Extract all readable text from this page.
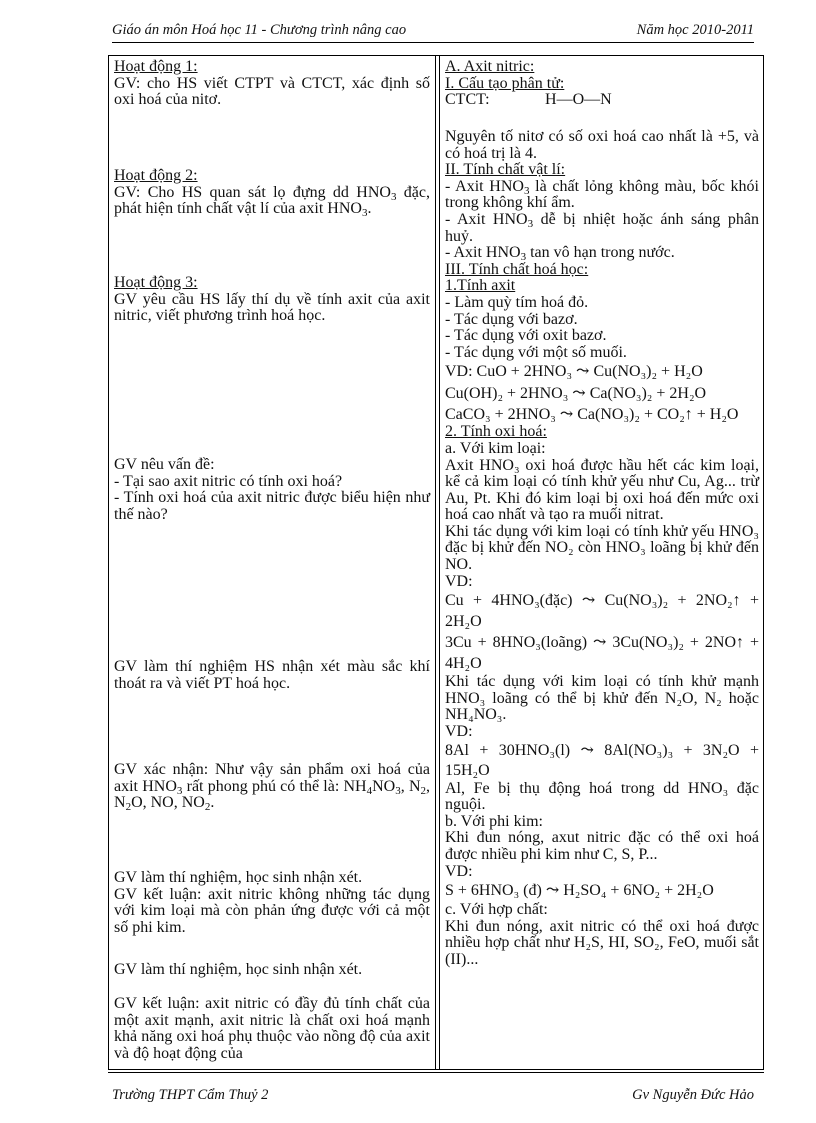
Giáo án môn Hoá học 11 - Chương trình nâng cao	Năm học 2010-2011
Hoạt động 1:
GV: cho HS viết CTPT và CTCT, xác định số oxi hoá của nitơ.
Hoạt động 2:
GV: Cho HS quan sát lọ đựng dd $HNO_3$ đặc, phát hiện tính chất vật lí của axit $HNO_3$.
Hoạt động 3:
GV yêu cầu HS lấy thí dụ về tính axit của axit nitric, viết phương trình hoá học.
GV nêu vấn đề:
- Tại sao axit nitric có tính oxi hoá?
- Tính oxi hoá của axit nitric được biểu hiện như thế nào?
GV làm thí nghiệm HS nhận xét màu sắc khí thoát ra và viết PT hoá học.
GV xác nhận: Như vậy sản phẩm oxi hoá của axit $HNO_3$ rất phong phú có thể là: $NH_4NO_3$, $N_2$, $N_2O$, NO, $NO_2$.
GV làm thí nghiệm, học sinh nhận xét.
GV kết luận: axit nitric không những tác dụng với kim loại mà còn phản ứng được với cả một số phi kim.
GV làm thí nghiệm, học sinh nhận xét.
GV kết luận: axit nitric có đầy đủ tính chất của một axit mạnh, axit nitric là chất oxi hoá mạnh khả năng oxi hoá phụ thuộc vào nồng độ của axit và độ hoạt động của
A. Axit nitric:
I. Cấu tạo phân tử:
CTCT:	H—O—N
Nguyên tố nitơ có số oxi hoá cao nhất là +5, và có hoá trị là 4.
II. Tính chất vật lí:
- Axit $HNO_3$ là chất lỏng không màu, bốc khói trong không khí ẩm.
- Axit $HNO_3$ dễ bị nhiệt hoặc ánh sáng phân huỷ.
- Axit $HNO_3$ tan vô hạn trong nước.
III. Tính chất hoá học:
1.Tính axit
- Làm quỳ tím hoá đỏ.
- Tác dụng với bazơ.
- Tác dụng với oxit bazơ.
- Tác dụng với một số muối.
VD: CuO + 2HNO₃ ⤳ Cu(NO₃)₂ + H₂O
Cu(OH)₂ + 2HNO₃ ⤳ Ca(NO₃)₂ + 2H₂O
CaCO₃ + 2HNO₃ ⤳ Ca(NO₃)₂ + CO₂↑ + H₂O
2. Tính oxi hoá:
a. Với kim loại:
Axit HNO₃ oxi hoá được hầu hết các kim loại, kể cả kim loại có tính khử yếu như Cu, Ag... trừ Au, Pt. Khi đó kim loại bị oxi hoá đến mức oxi hoá cao nhất và tạo ra muối nitrat.
Khi tác dụng với kim loại có tính khử yếu HNO₃ đặc bị khử đến NO₂ còn HNO₃ loãng bị khử đến NO.
VD:
Cu + 4HNO₃(đặc) ⤳ Cu(NO₃)₂ + 2NO₂↑ + 2H₂O
3Cu + 8HNO₃(loãng) ⤳ 3Cu(NO₃)₂ + 2NO↑ + 4H₂O
Khi tác dụng với kim loại có tính khử mạnh HNO₃ loãng có thể bị khử đến N₂O, N₂ hoặc NH₄NO₃.
VD:
8Al + 30HNO₃(l) ⤳ 8Al(NO₃)₃ + 3N₂O + 15H₂O
Al, Fe bị thụ động hoá trong dd HNO₃ đặc nguội.
b. Với phi kim:
Khi đun nóng, axut nitric đặc có thể oxi hoá được nhiều phi kim như C, S, P...
VD:
S + 6HNO₃ (đ) ⤳ H₂SO₄ + 6NO₂ + 2H₂O
c. Với hợp chất:
Khi đun nóng, axit nitric có thể oxi hoá được nhiều hợp chất như H₂S, HI, SO₂, FeO, muối sắt (II)...
Trường THPT Cẩm Thuỷ 2	Gv Nguyễn Đức Hảo
